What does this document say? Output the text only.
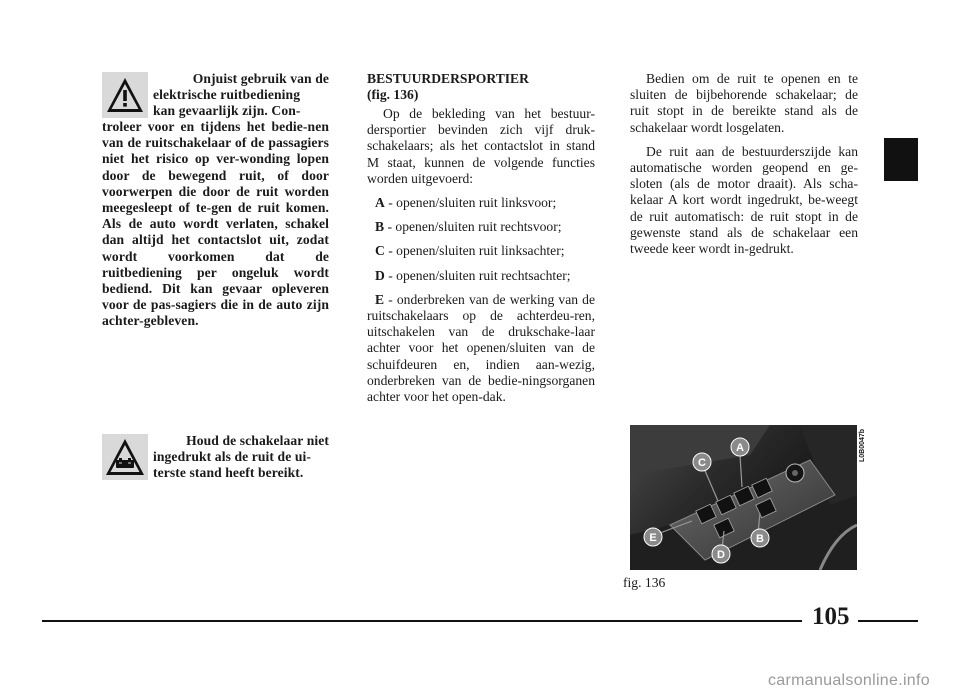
Onjuist gebruik van de
elektrische ruitbediening
kan gevaarlijk zijn. Con-

troleer voor en tijdens het bedie-nen van de ruitschakelaar of de passagiers niet het risico op ver-wonding lopen door de bewegend ruit, of door voorwerpen die door de ruit worden meegesleept of te-gen de ruit komen. Als de auto wordt verlaten, schakel dan altijd het contactslot uit, zodat wordt voorkomen dat de ruitbediening per ongeluk wordt bediend. Dit kan gevaar opleveren voor de pas-sagiers die in de auto zijn achter-gebleven.

Houd de schakelaar niet
ingedrukt als de ruit de ui-
terste stand heeft bereikt.
BESTUURDERSPORTIER
(fig. 136)

Op de bekleding van het bestuur-dersportier bevinden zich vijf druk-schakelaars; als het contactslot in stand M staat, kunnen de volgende functies worden uitgevoerd:

A - openen/sluiten ruit linksvoor;

B - openen/sluiten ruit rechtsvoor;

C - openen/sluiten ruit linksachter;

D - openen/sluiten ruit rechtsachter;

E - onderbreken van de werking van de ruitschakelaars op de achterdeu-ren, uitschakelen van de drukschake-laar achter voor het openen/sluiten van de schuifdeuren en, indien aan-wezig, onderbreken van de bedie-ningsorganen achter voor het open-dak.

Bedien om de ruit te openen en te sluiten de bijbehorende schakelaar; de ruit stopt in de bereikte stand als de schakelaar wordt losgelaten.

De ruit aan de bestuurderszijde kan automatische worden geopend en ge-sloten (als de motor draait). Als scha-kelaar A kort wordt ingedrukt, be-weegt de ruit automatisch: de ruit stopt in de gewenste stand als de schakelaar een tweede keer wordt in-gedrukt.

A
C
E
D
B
L0B0047b
fig. 136
105
carmanualsonline.info
